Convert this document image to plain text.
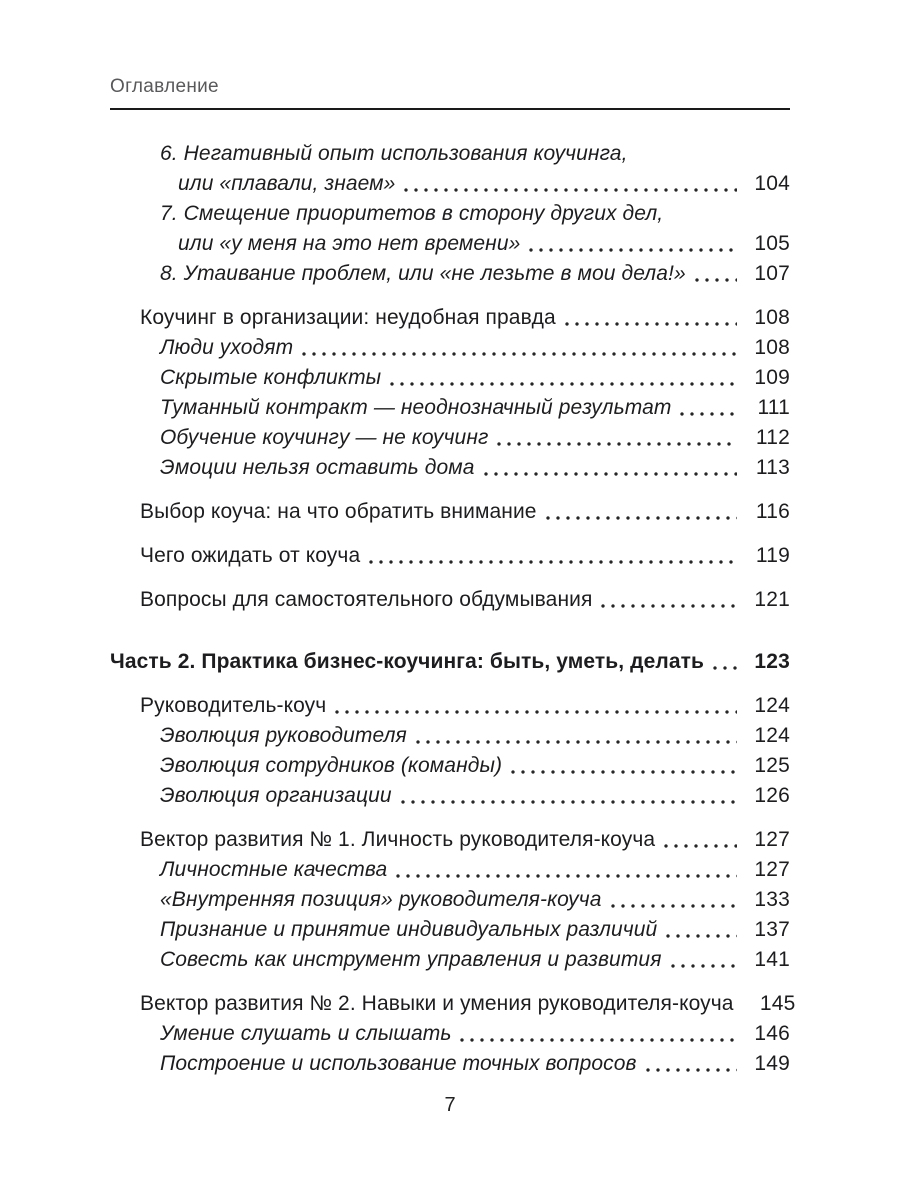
Оглавление
6. Негативный опыт использования коучинга,
или «плавали, знаем»	104
7. Смещение приоритетов в сторону других дел,
или «у меня на это нет времени»	105
8. Утаивание проблем, или «не лезьте в мои дела!»	107
Коучинг в организации: неудобная правда	108
Люди уходят	108
Скрытые конфликты	109
Туманный контракт — неоднозначный результат	111
Обучение коучингу — не коучинг	112
Эмоции нельзя оставить дома	113
Выбор коуча: на что обратить внимание	116
Чего ожидать от коуча	119
Вопросы для самостоятельного обдумывания	121
Часть 2. Практика бизнес-коучинга: быть, уметь, делать	123
Руководитель-коуч	124
Эволюция руководителя	124
Эволюция сотрудников (команды)	125
Эволюция организации	126
Вектор развития № 1. Личность руководителя-коуча	127
Личностные качества	127
«Внутренняя позиция» руководителя-коуча	133
Признание и принятие индивидуальных различий	137
Совесть как инструмент управления и развития	141
Вектор развития № 2. Навыки и умения руководителя-коуча	145
Умение слушать и слышать	146
Построение и использование точных вопросов	149
7
